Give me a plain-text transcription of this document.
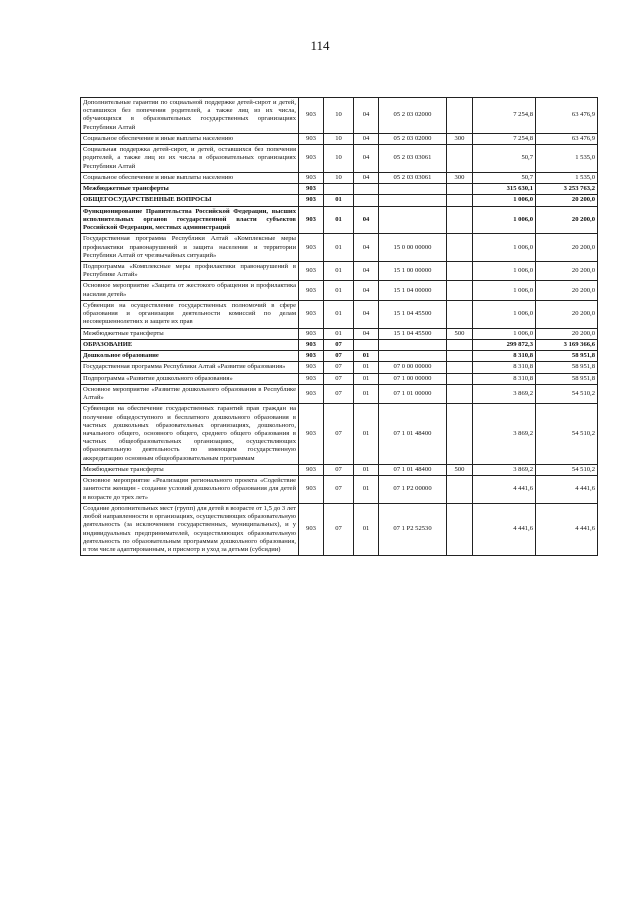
114
Дополнительные гарантии по социальной поддержке детей-сирот и детей, оставшихся без попечения родителей, а также лиц из их числа, обучающихся в образовательных государственных организациях Республики Алтай	903	10	04	05 2 03 02000		7 254,8	63 476,9
Социальное обеспечение и иные выплаты населению	903	10	04	05 2 03 02000	300	7 254,8	63 476,9
Социальная поддержка детей-сирот, и детей, оставшихся без попечения родителей, а также лиц из их числа в образовательных организациях Республики Алтай	903	10	04	05 2 03 03061		50,7	1 535,0
Социальное обеспечение и иные выплаты населению	903	10	04	05 2 03 03061	300	50,7	1 535,0
Межбюджетные трансферты	903					315 630,1	3 253 763,2
ОБЩЕГОСУДАРСТВЕННЫЕ ВОПРОСЫ	903	01				1 006,0	20 200,0
Функционирование Правительства Российской Федерации, высших исполнительных органов государственной власти субъектов Российской Федерации, местных администраций	903	01	04			1 006,0	20 200,0
Государственная программа Республики Алтай «Комплексные меры профилактики правонарушений и защита населения и территории Республики Алтай от чрезвычайных ситуаций»	903	01	04	15 0 00 00000		1 006,0	20 200,0
Подпрограмма «Комплексные меры профилактики правонарушений в Республике Алтай»	903	01	04	15 1 00 00000		1 006,0	20 200,0
Основное мероприятие «Защита от жестокого обращения и профилактика насилия детей»	903	01	04	15 1 04 00000		1 006,0	20 200,0
Субвенции на осуществление государственных полномочий в сфере образования и организации деятельности комиссий по делам несовершеннолетних и защите их прав	903	01	04	15 1 04 45500		1 006,0	20 200,0
Межбюджетные трансферты	903	01	04	15 1 04 45500	500	1 006,0	20 200,0
ОБРАЗОВАНИЕ	903	07				299 872,3	3 169 366,6
Дошкольное образование	903	07	01			8 310,8	58 951,8
Государственная программа Республики Алтай «Развитие образования»	903	07	01	07 0 00 00000		8 310,8	58 951,8
Подпрограмма «Развитие дошкольного образования»	903	07	01	07 1 00 00000		8 310,8	58 951,8
Основное мероприятие «Развитие дошкольного образования в Республике Алтай»	903	07	01	07 1 01 00000		3 869,2	54 510,2
Субвенции на обеспечение государственных гарантий прав граждан на получение общедоступного и бесплатного дошкольного образования в частных дошкольных образовательных организациях, дошкольного, начального общего, основного общего, среднего общего образования в частных общеобразовательных организациях, осуществляющих образовательную деятельность по имеющим государственную аккредитацию основным общеобразовательным программам	903	07	01	07 1 01 48400		3 869,2	54 510,2
Межбюджетные трансферты	903	07	01	07 1 01 48400	500	3 869,2	54 510,2
Основное мероприятие «Реализация регионального проекта «Содействие занятости женщин - создание условий дошкольного образования для детей в возрасте до трех лет»	903	07	01	07 1 P2 00000		4 441,6	4 441,6
Создание дополнительных мест (групп) для детей в возрасте от 1,5 до 3 лет любой направленности в организациях, осуществляющих образовательную деятельность (за исключением государственных, муниципальных), и у индивидуальных предпринимателей, осуществляющих образовательную деятельность по образовательным программам дошкольного образования, в том числе адаптированным, и присмотр и уход за детьми (субсидии)	903	07	01	07 1 P2 52530		4 441,6	4 441,6
